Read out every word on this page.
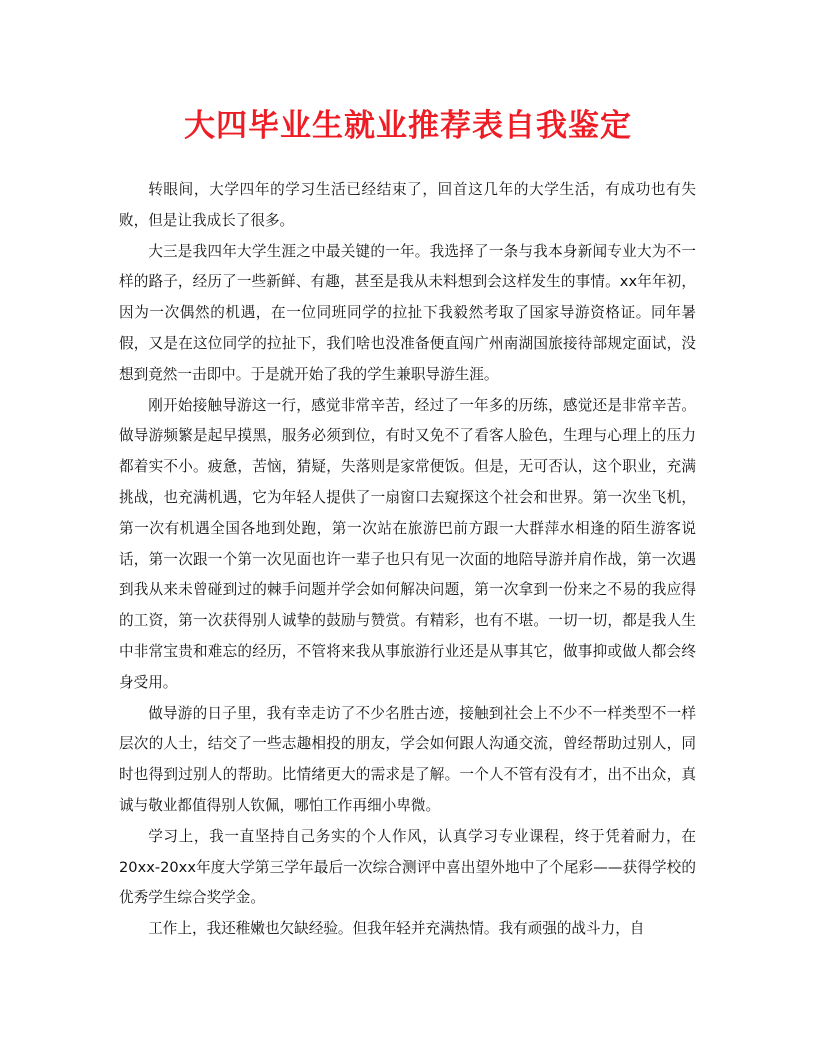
大四毕业生就业推荐表自我鉴定

转眼间，大学四年的学习生活已经结束了，回首这几年的大学生活，有成功也有失败，但是让我成长了很多。

大三是我四年大学生涯之中最关键的一年。我选择了一条与我本身新闻专业大为不一样的路子，经历了一些新鲜、有趣，甚至是我从未料想到会这样发生的事情。xx年年初，因为一次偶然的机遇，在一位同班同学的拉扯下我毅然考取了国家导游资格证。同年暑假，又是在这位同学的拉扯下，我们啥也没准备便直闯广州南湖国旅接待部规定面试，没想到竟然一击即中。于是就开始了我的学生兼职导游生涯。

刚开始接触导游这一行，感觉非常辛苦，经过了一年多的历练，感觉还是非常辛苦。做导游频繁是起早摸黑，服务必须到位，有时又免不了看客人脸色，生理与心理上的压力都着实不小。疲惫，苦恼，猜疑，失落则是家常便饭。但是，无可否认，这个职业，充满挑战，也充满机遇，它为年轻人提供了一扇窗口去窥探这个社会和世界。第一次坐飞机，第一次有机遇全国各地到处跑，第一次站在旅游巴前方跟一大群萍水相逢的陌生游客说话，第一次跟一个第一次见面也许一辈子也只有见一次面的地陪导游并肩作战，第一次遇到我从来未曾碰到过的棘手问题并学会如何解决问题，第一次拿到一份来之不易的我应得的工资，第一次获得别人诚挚的鼓励与赞赏。有精彩，也有不堪。一切一切，都是我人生中非常宝贵和难忘的经历，不管将来我从事旅游行业还是从事其它，做事抑或做人都会终身受用。

做导游的日子里，我有幸走访了不少名胜古迹，接触到社会上不少不一样类型不一样层次的人士，结交了一些志趣相投的朋友，学会如何跟人沟通交流，曾经帮助过别人，同时也得到过别人的帮助。比情绪更大的需求是了解。一个人不管有没有才，出不出众，真诚与敬业都值得别人钦佩，哪怕工作再细小卑微。

学习上，我一直坚持自己务实的个人作风，认真学习专业课程，终于凭着耐力，在20xx-20xx年度大学第三学年最后一次综合测评中喜出望外地中了个尾彩——获得学校的优秀学生综合奖学金。

工作上，我还稚嫩也欠缺经验。但我年轻并充满热情。我有顽强的战斗力，自
